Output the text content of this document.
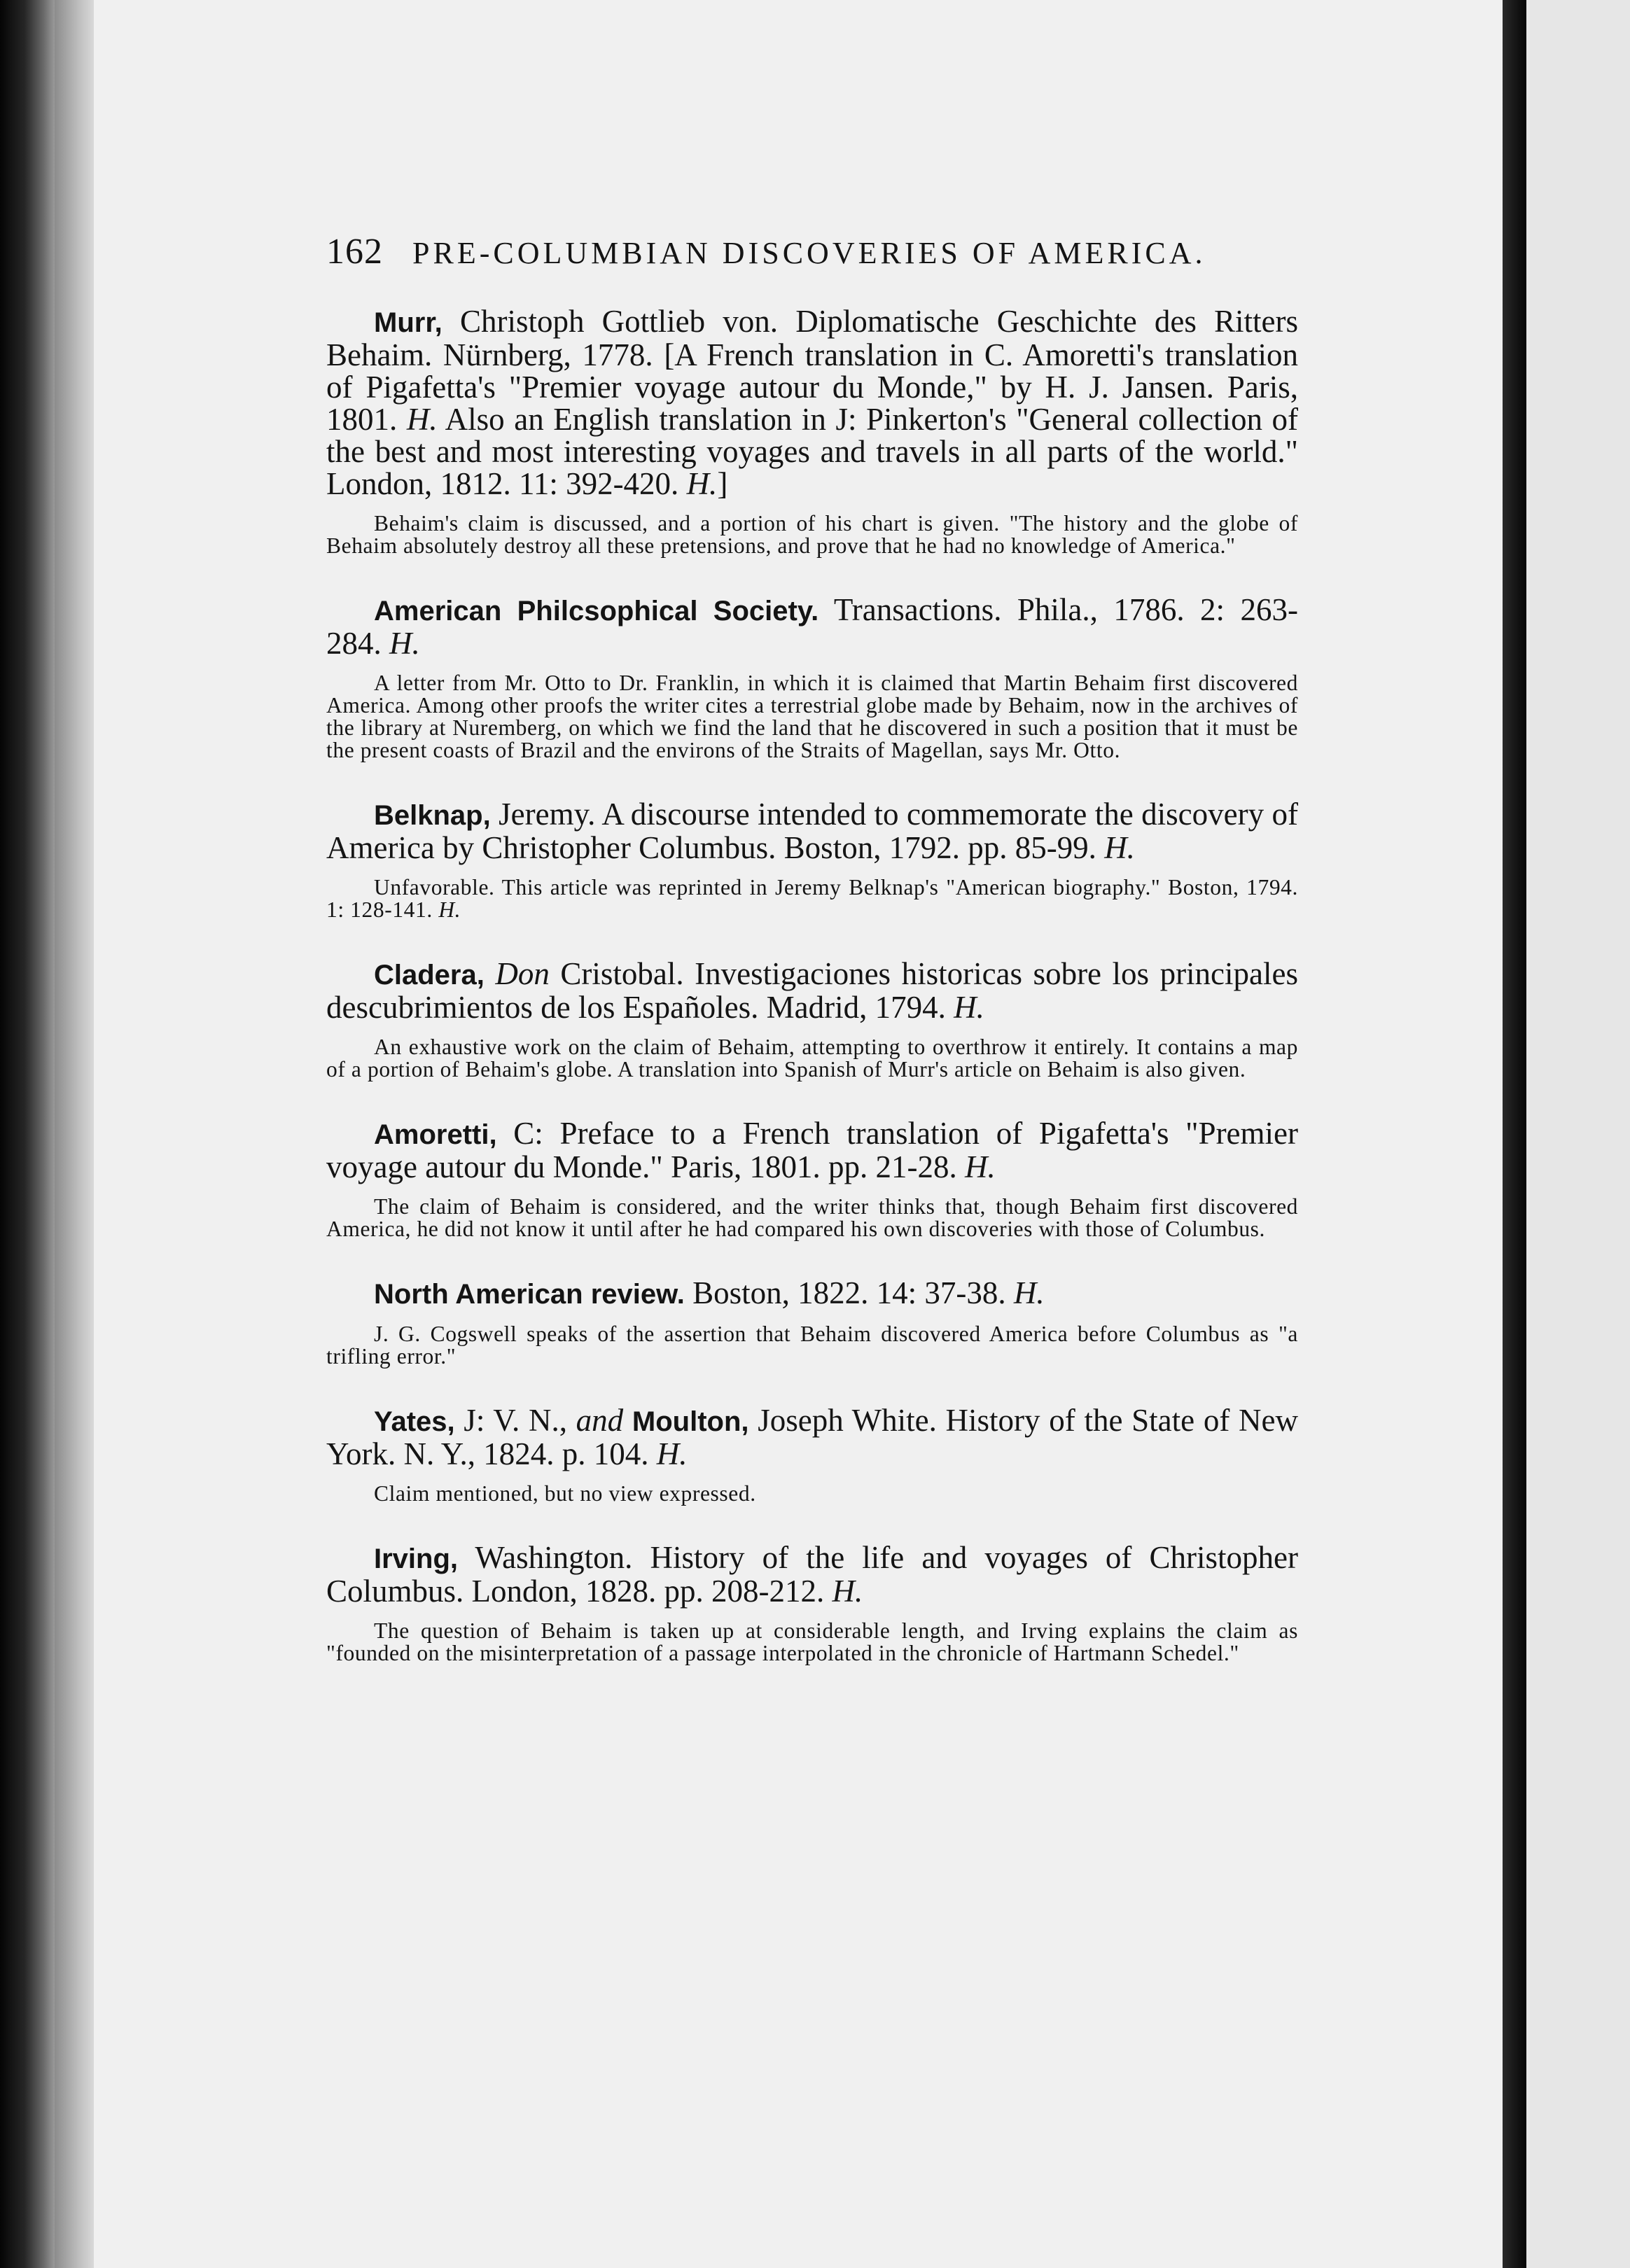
162 PRE-COLUMBIAN DISCOVERIES OF AMERICA.

Murr, Christoph Gottlieb von. Diplomatische Geschichte des Ritters Behaim. Nürnberg, 1778. [A French translation in C. Amoretti's translation of Pigafetta's "Premier voyage autour du Monde," by H. J. Jansen. Paris, 1801. H. Also an English translation in J: Pinkerton's "General collection of the best and most interesting voyages and travels in all parts of the world." London, 1812. 11: 392-420. H.]

Behaim's claim is discussed, and a portion of his chart is given. "The history and the globe of Behaim absolutely destroy all these pretensions, and prove that he had no knowledge of America."

American Philcsophical Society. Transactions. Phila., 1786. 2: 263-284. H.

A letter from Mr. Otto to Dr. Franklin, in which it is claimed that Martin Behaim first discovered America. Among other proofs the writer cites a terrestrial globe made by Behaim, now in the archives of the library at Nuremberg, on which we find the land that he discovered in such a position that it must be the present coasts of Brazil and the environs of the Straits of Magellan, says Mr. Otto.

Belknap, Jeremy. A discourse intended to commemorate the discovery of America by Christopher Columbus. Boston, 1792. pp. 85-99. H.

Unfavorable. This article was reprinted in Jeremy Belknap's "American biography." Boston, 1794. 1: 128-141. H.

Cladera, Don Cristobal. Investigaciones historicas sobre los principales descubrimientos de los Españoles. Madrid, 1794. H.

An exhaustive work on the claim of Behaim, attempting to overthrow it entirely. It contains a map of a portion of Behaim's globe. A translation into Spanish of Murr's article on Behaim is also given.

Amoretti, C: Preface to a French translation of Pigafetta's "Premier voyage autour du Monde." Paris, 1801. pp. 21-28. H.

The claim of Behaim is considered, and the writer thinks that, though Behaim first discovered America, he did not know it until after he had compared his own discoveries with those of Columbus.

North American review. Boston, 1822. 14: 37-38. H.

J. G. Cogswell speaks of the assertion that Behaim discovered America before Columbus as "a trifling error."

Yates, J: V. N., and Moulton, Joseph White. History of the State of New York. N. Y., 1824. p. 104. H.

Claim mentioned, but no view expressed.

Irving, Washington. History of the life and voyages of Christopher Columbus. London, 1828. pp. 208-212. H.

The question of Behaim is taken up at considerable length, and Irving explains the claim as "founded on the misinterpretation of a passage interpolated in the chronicle of Hartmann Schedel."
